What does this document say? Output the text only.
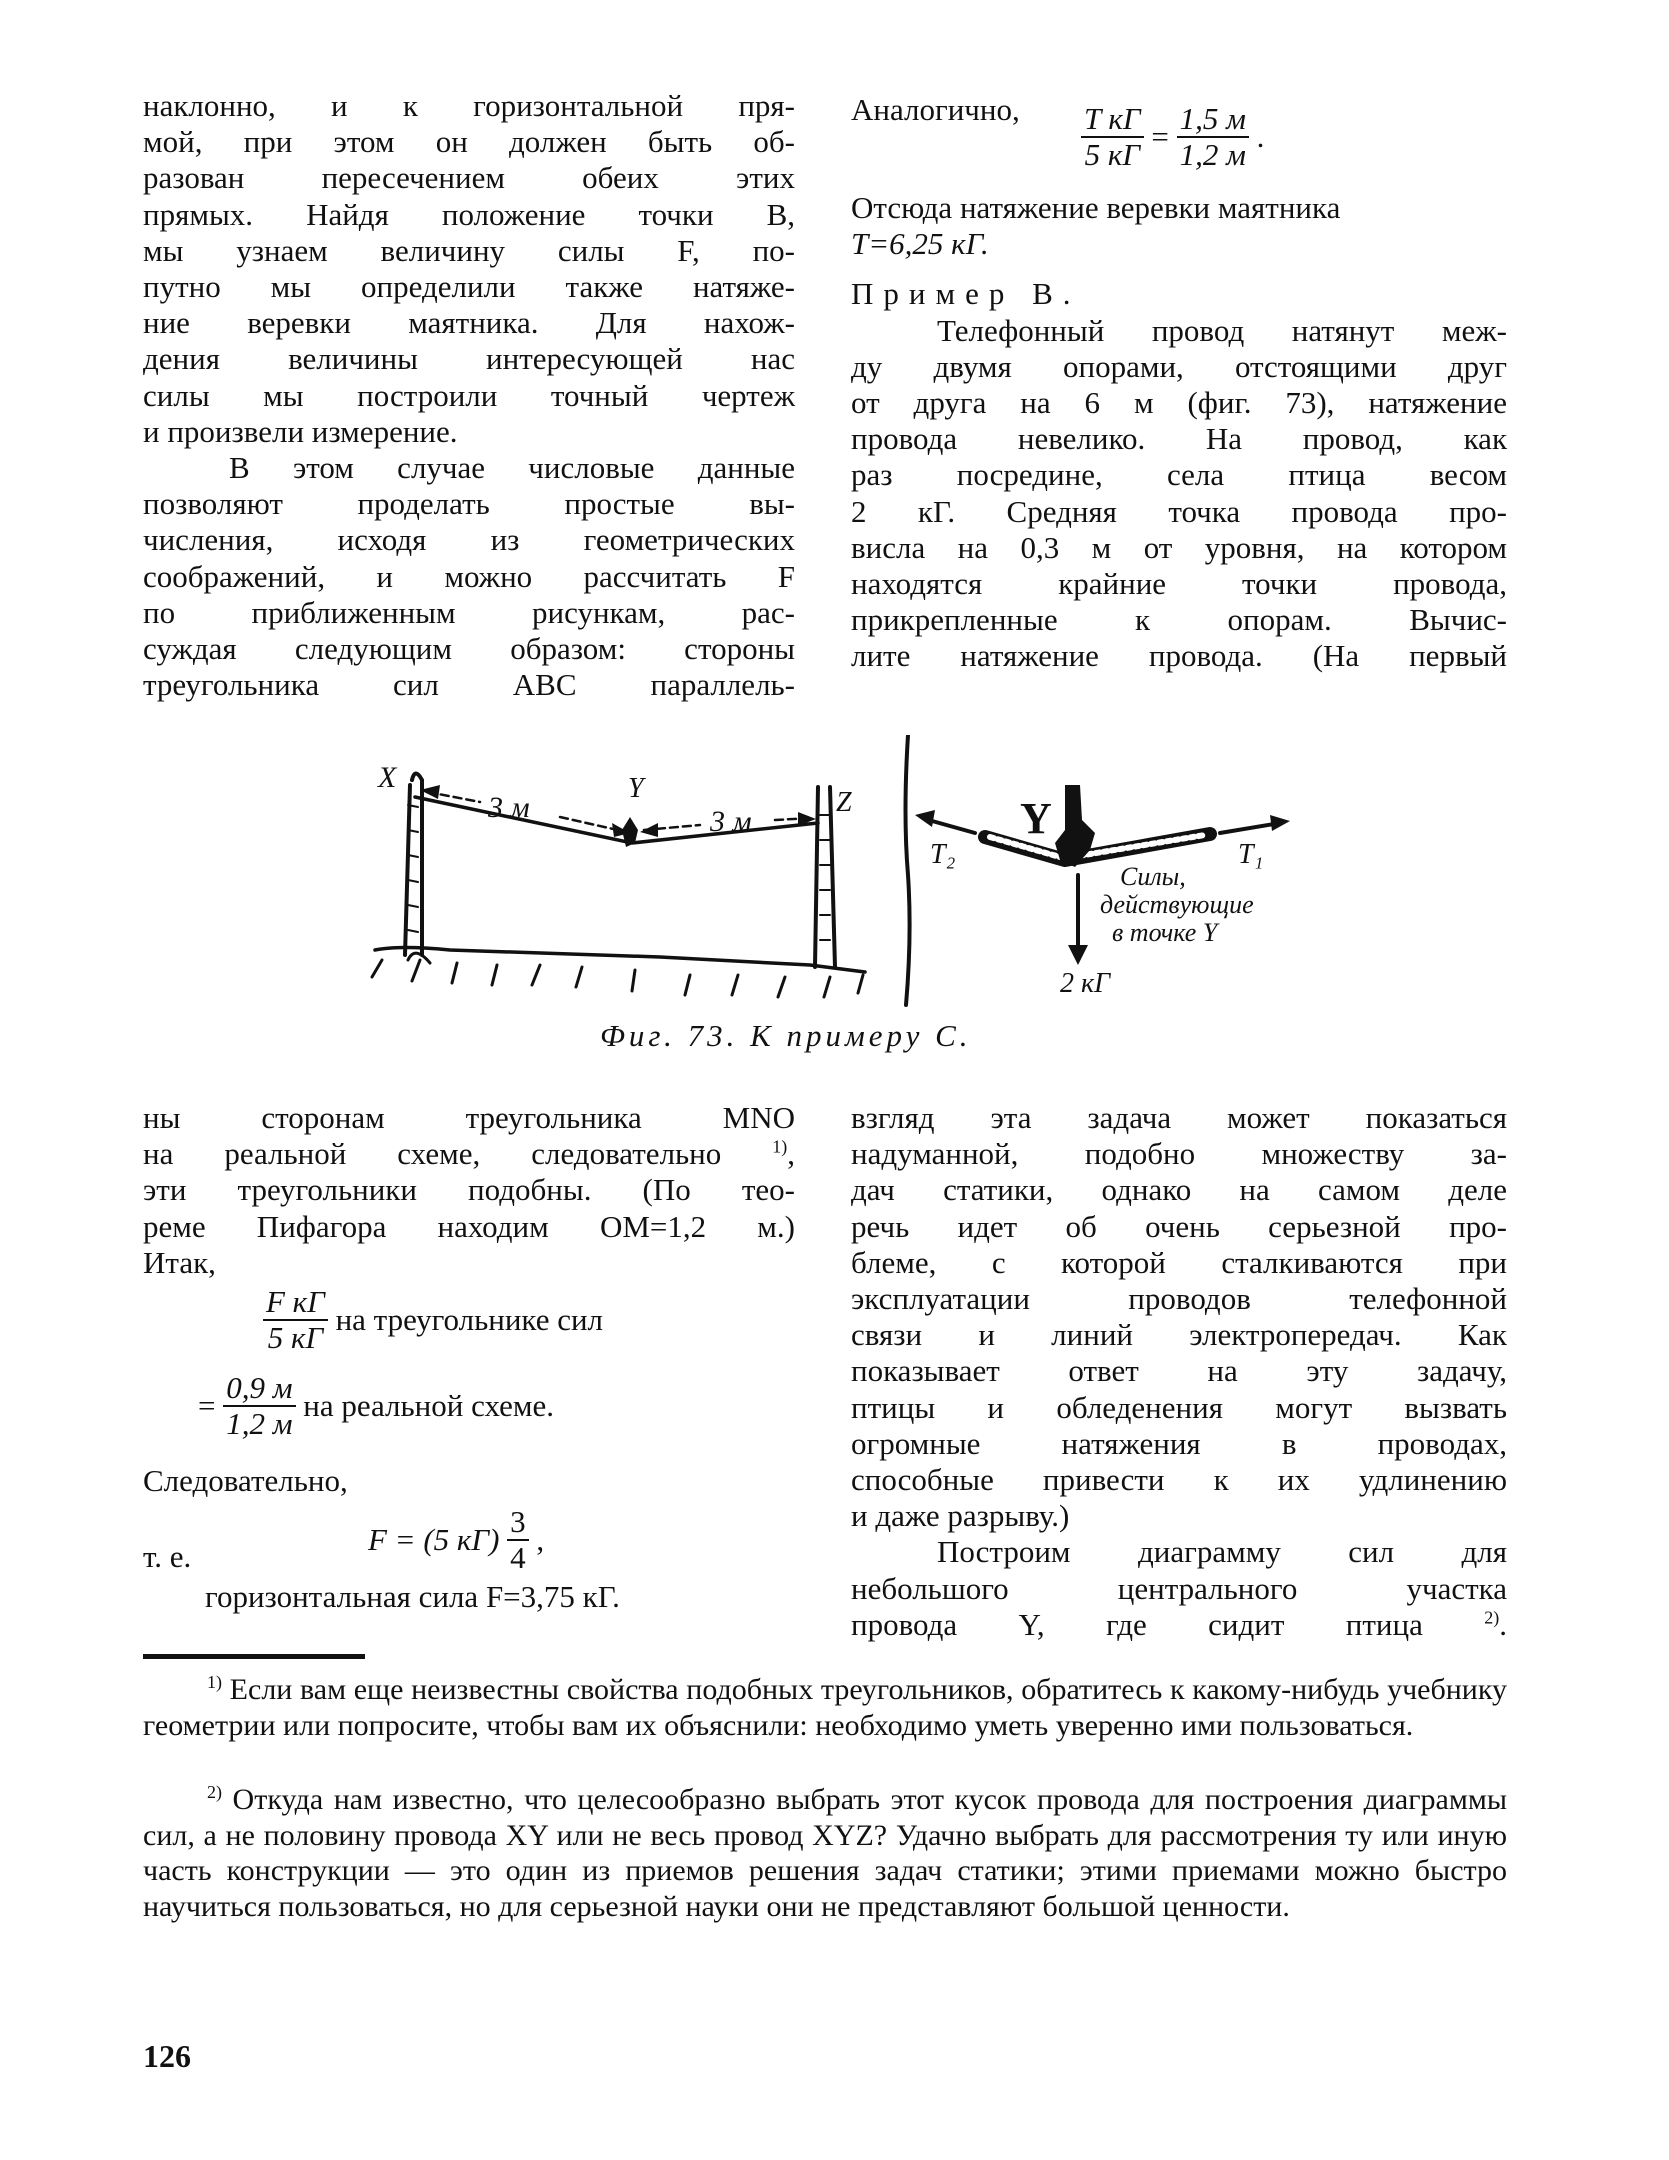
наклонно, и к горизонтальной пря-
мой, при этом он должен быть об-
разован пересечением обеих этих
прямых. Найдя положение точки B,
мы узнаем величину силы F, по-
путно мы определили также натяже-
ние веревки маятника. Для нахож-
дения величины интересующей нас
силы мы построили точный чертеж
и произвели измерение.

В этом случае числовые данные
позволяют проделать простые вы-
числения, исходя из геометрических
соображений, и можно рассчитать F
по приближенным рисункам, рас-
суждая следующим образом: стороны
треугольника сил ABC параллель-

Аналогично, $\frac{\text{T кГ}}{5 кГ} = \frac{1,5 м}{1,2 м}$ .
Отсюда натяжение веревки маятника
T=6,25 кГ.
Пример B.

Телефонный провод натянут меж-
ду двумя опорами, отстоящими друг
от друга на 6 м (фиг. 73), натяжение
провода невелико. На провод, как
раз посредине, села птица весом
2 кГ. Средняя точка провода про-
висла на 0,3 м от уровня, на котором
находятся крайние точки провода,
прикрепленные к опорам. Вычис-
лите натяжение провода. (На первый

X	Y	Z
3 м	3 м
T₂	T₁
Y
Силы,
действующие
в точке Y
2 кГ
Фиг. 73. К примеру C.
ны сторонам треугольника MNO
на реальной схеме, следовательно	$^{1)}$,
эти треугольники подобны. (По тео-
реме Пифагора находим OM=1,2 м.)
Итак,
$\frac{\text{F кГ}}{5 кГ}$ на треугольнике сил
= $\frac{0,9 м}{1,2 м}$ на реальной схеме.
Следовательно,
т. е.	F = (5 $кГ) \frac{3}{4}$ ,
горизонтальная сила F=3,75 кГ.
взгляд эта задача может показаться
надуманной, подобно множеству за-
дач статики, однако на самом деле
речь идет об очень серьезной про-
блеме, с которой сталкиваются при
эксплуатации проводов телефонной
связи и линий электропередач. Как
показывает ответ на эту задачу,
птицы и обледенения могут вызвать
огромные натяжения в проводах,
способные привести к их удлинению
и даже разрыву.)
Построим диаграмму сил для
небольшого центрального участка
провода Y, где сидит птица	$^{2)}$.
$^{1)}$ Если вам еще неизвестны свойства подобных треугольников, обратитесь к какому-нибудь учебнику геометрии или попросите, чтобы вам их объяснили: необходимо уметь уверенно ими пользоваться.
$^{2)}$ Откуда нам известно, что целесообразно выбрать этот кусок провода для построения диаграммы сил, а не половину провода XY или не весь провод XYZ? Удачно выбрать для рассмотрения ту или иную часть конструкции — это один из приемов решения задач статики; этими приемами можно быстро научиться пользоваться, но для серьезной науки они не представляют большой ценности.
126
